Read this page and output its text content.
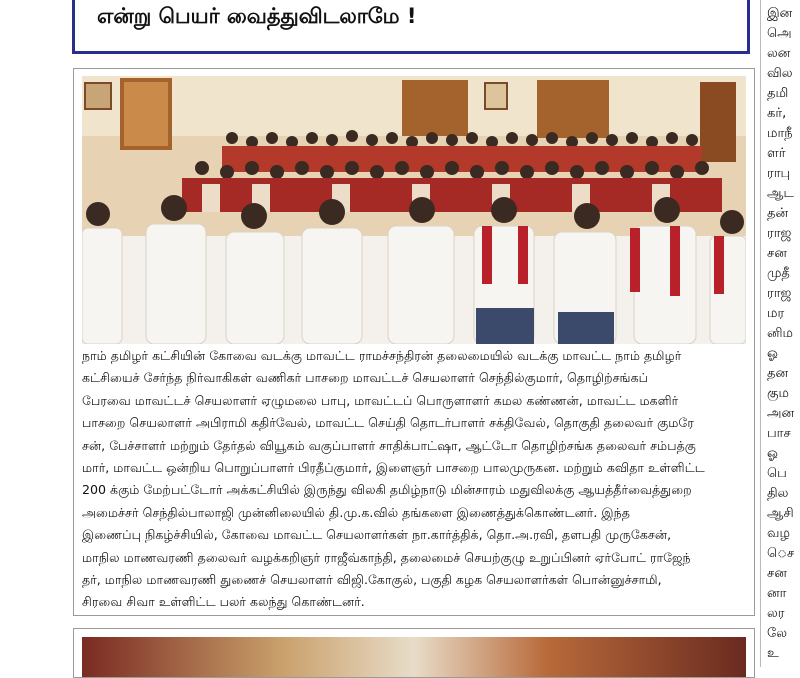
என்று பெயர் வைத்துவிடலாமே !
நாம் தமிழர் கட்சியின் கோவை வடக்கு மாவட்ட ராமச்சந்திரன் தலைமையில் வடக்கு மாவட்ட நாம் தமிழர்
கட்சியைச் சேர்ந்த நிர்வாகிகள் வணிகர் பாசறை மாவட்டச் செயலாளர் செந்தில்குமார், தொழிற்சங்கப்
பேரவை மாவட்டச் செயலாளர் ஏழுமலை பாபு, மாவட்டப் பொருளாளர் கமல கண்ணன், மாவட்ட மகளிர்
பாசறை செயலாளர் அபிராமி கதிர்வேல், மாவட்ட செய்தி தொடர்பாளர் சக்திவேல், தொகுதி தலைவர் குமரே
சன், பேச்சாளர் மற்றும் தேர்தல் வியூகம் வகுப்பாளர் சாதிக்பாட்ஷா, ஆட்டோ தொழிற்சங்க தலைவர் சம்பத்கு
மார், மாவட்ட ஒன்றிய பொறுப்பாளர் பிரதீப்குமார், இளைஞர் பாசறை பாலமுருகன. மற்றும் கவிதா உள்ளிட்ட
200 க்கும் மேற்பட்டோர் அக்கட்சியில் இருந்து விலகி தமிழ்நாடு மின்சாரம் மதுவிலக்கு ஆயத்தீர்வைத்துறை
அமைச்சர் செந்தில்பாலாஜி முன்னிலையில் தி.மு.க.வில் தங்களை இணைத்துக்கொண்டனர். இந்த
இணைப்பு நிகழ்ச்சியில், கோவை மாவட்ட செயலாளர்கள் நா.கார்த்திக், தொ.அ.ரவி, தளபதி முருகேசன்,
மாநில மாணவரணி தலைவர் வழக்கறிஞர் ராஜீவ்காந்தி, தலைமைச் செயற்குழு உறுப்பினர் ஏர்போட் ராஜேந்
தர், மாநில மாணவரணி துணைச் செயலாளர் விஜி.கோகுல், பகுதி கழக செயலாளர்கள் பொன்னுச்சாமி,
சிரவை சிவா உள்ளிட்ட பலர் கலந்து கொண்டனர்.
இன
அெ
லன
வில
தமி
கர்,
மாநீ
ளர்
ராபு
ஆட
தன்
ராஜ
சன
முதீ
ராஜ
மர
னிம
ஓ
தன
கும
அன
பாச
ஓ
பெ
தில
ஆசி
வழ
ெச
சன
னா
லர
லே
உ
